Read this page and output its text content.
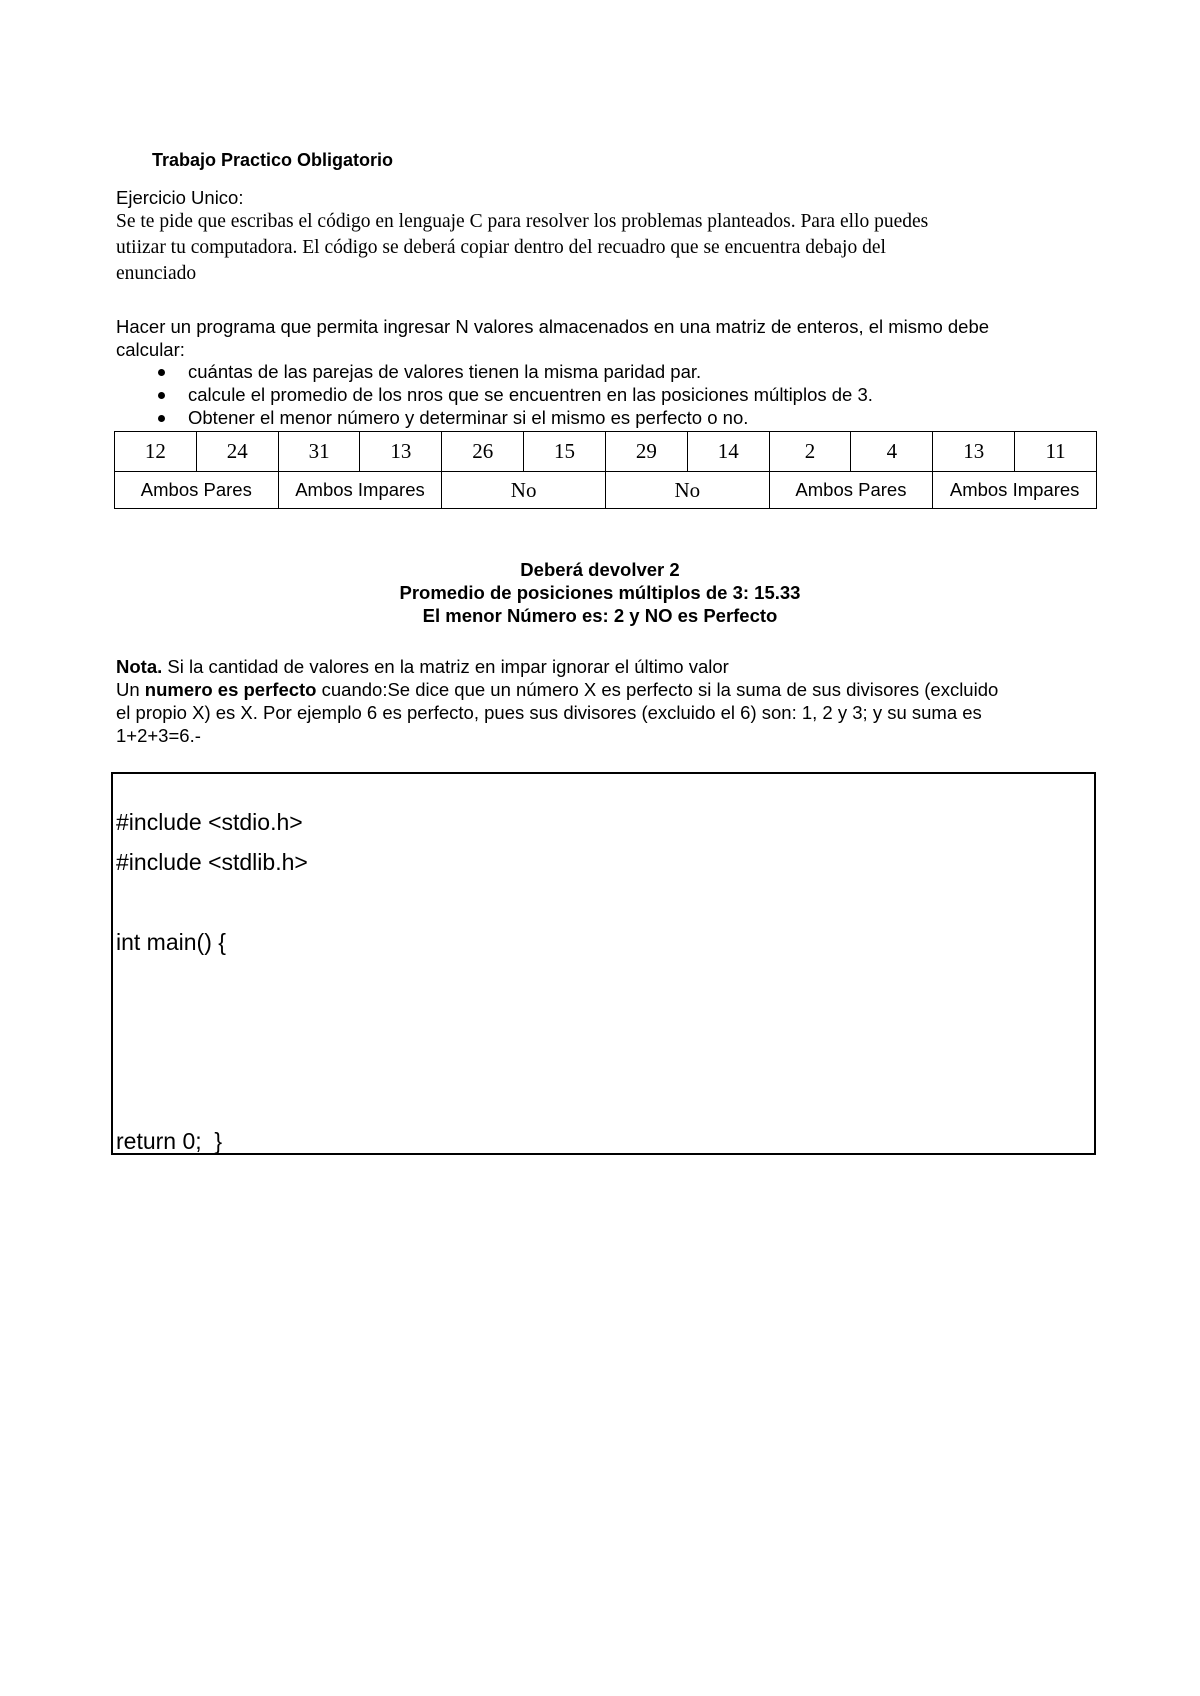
Trabajo Practico Obligatorio
Ejercicio Unico:
Se te pide que escribas el código en lenguaje C para resolver los problemas planteados. Para ello puedes
utiizar tu computadora. El código se deberá copiar dentro del recuadro que se encuentra debajo del
enunciado
Hacer un programa que permita ingresar N valores almacenados en una matriz de enteros, el mismo debe
calcular:
cuántas de las parejas de valores tienen la misma paridad par.
calcule el promedio de los nros que se encuentren en las posiciones múltiplos de 3.
Obtener el menor número y determinar si el mismo es perfecto o no.
12	24	31	13	26	15	29	14	2	4	13	11
Ambos Pares		Ambos Impares		No		No		Ambos Pares		Ambos Impares	
Deberá devolver 2
Promedio de posiciones múltiplos de 3: 15.33
El menor Número es: 2 y NO es Perfecto
Nota. Si la cantidad de valores en la matriz en impar ignorar el último valor
Un numero es perfecto cuando:Se dice que un número X es perfecto si la suma de sus divisores (excluido
el propio X) es X. Por ejemplo 6 es perfecto, pues sus divisores (excluido el 6) son: 1, 2 y 3; y su suma es
1+2+3=6.-
#include <stdio.h>
#include <stdlib.h>
int main() {
return 0;  }
